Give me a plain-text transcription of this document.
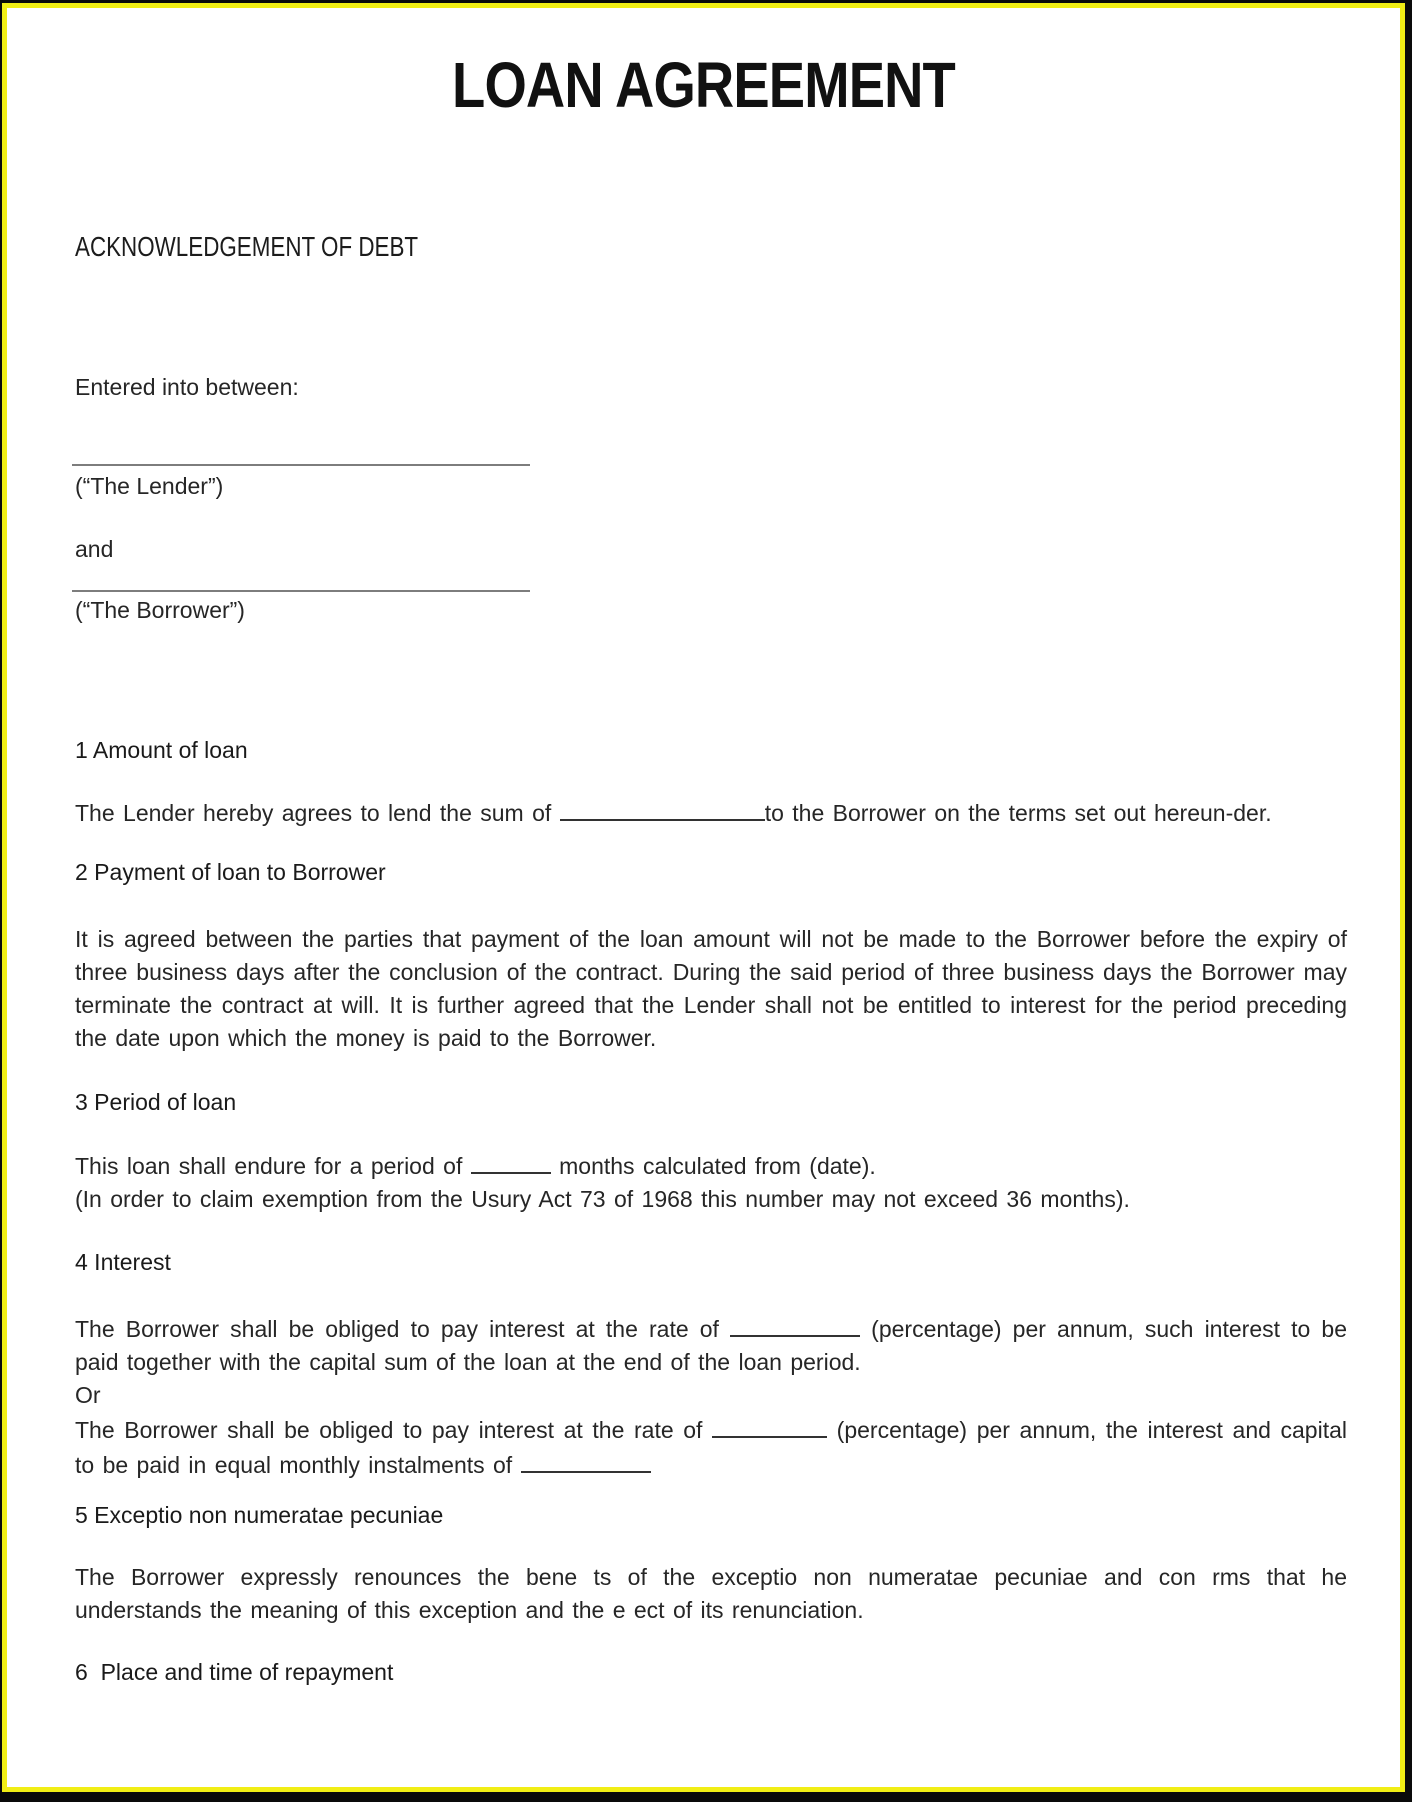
LOAN AGREEMENT
ACKNOWLEDGEMENT OF DEBT
Entered into between:
(“The Lender”)
and
(“The Borrower”)
1 Amount of loan
The Lender hereby agrees to lend the sum of	to the Borrower on the terms set out hereun-der.
2 Payment of loan to Borrower
It is agreed between the parties that payment of the loan amount will not be made to the Borrower before the expiry of three business days after the conclusion of the contract. During the said period of three business days the Borrower may terminate the contract at will. It is further agreed that the Lender shall not be entitled to interest for the period preceding the date upon which the money is paid to the Borrower.
3 Period of loan
This loan shall endure for a period of	months calculated from (date).
(In order to claim exemption from the Usury Act 73 of 1968 this number may not exceed 36 months).
4 Interest
The Borrower shall be obliged to pay interest at the rate of	(percentage) per annum, such interest to be paid together with the capital sum of the loan at the end of the loan period.
Or
The Borrower shall be obliged to pay interest at the rate of	(percentage) per annum, the interest and capital to be paid in equal monthly instalments of
5 Exceptio non numeratae pecuniae
The Borrower expressly renounces the bene ts of the exceptio non numeratae pecuniae and con rms that he understands the meaning of this exception and the e ect of its renunciation.
6  Place and time of repayment
